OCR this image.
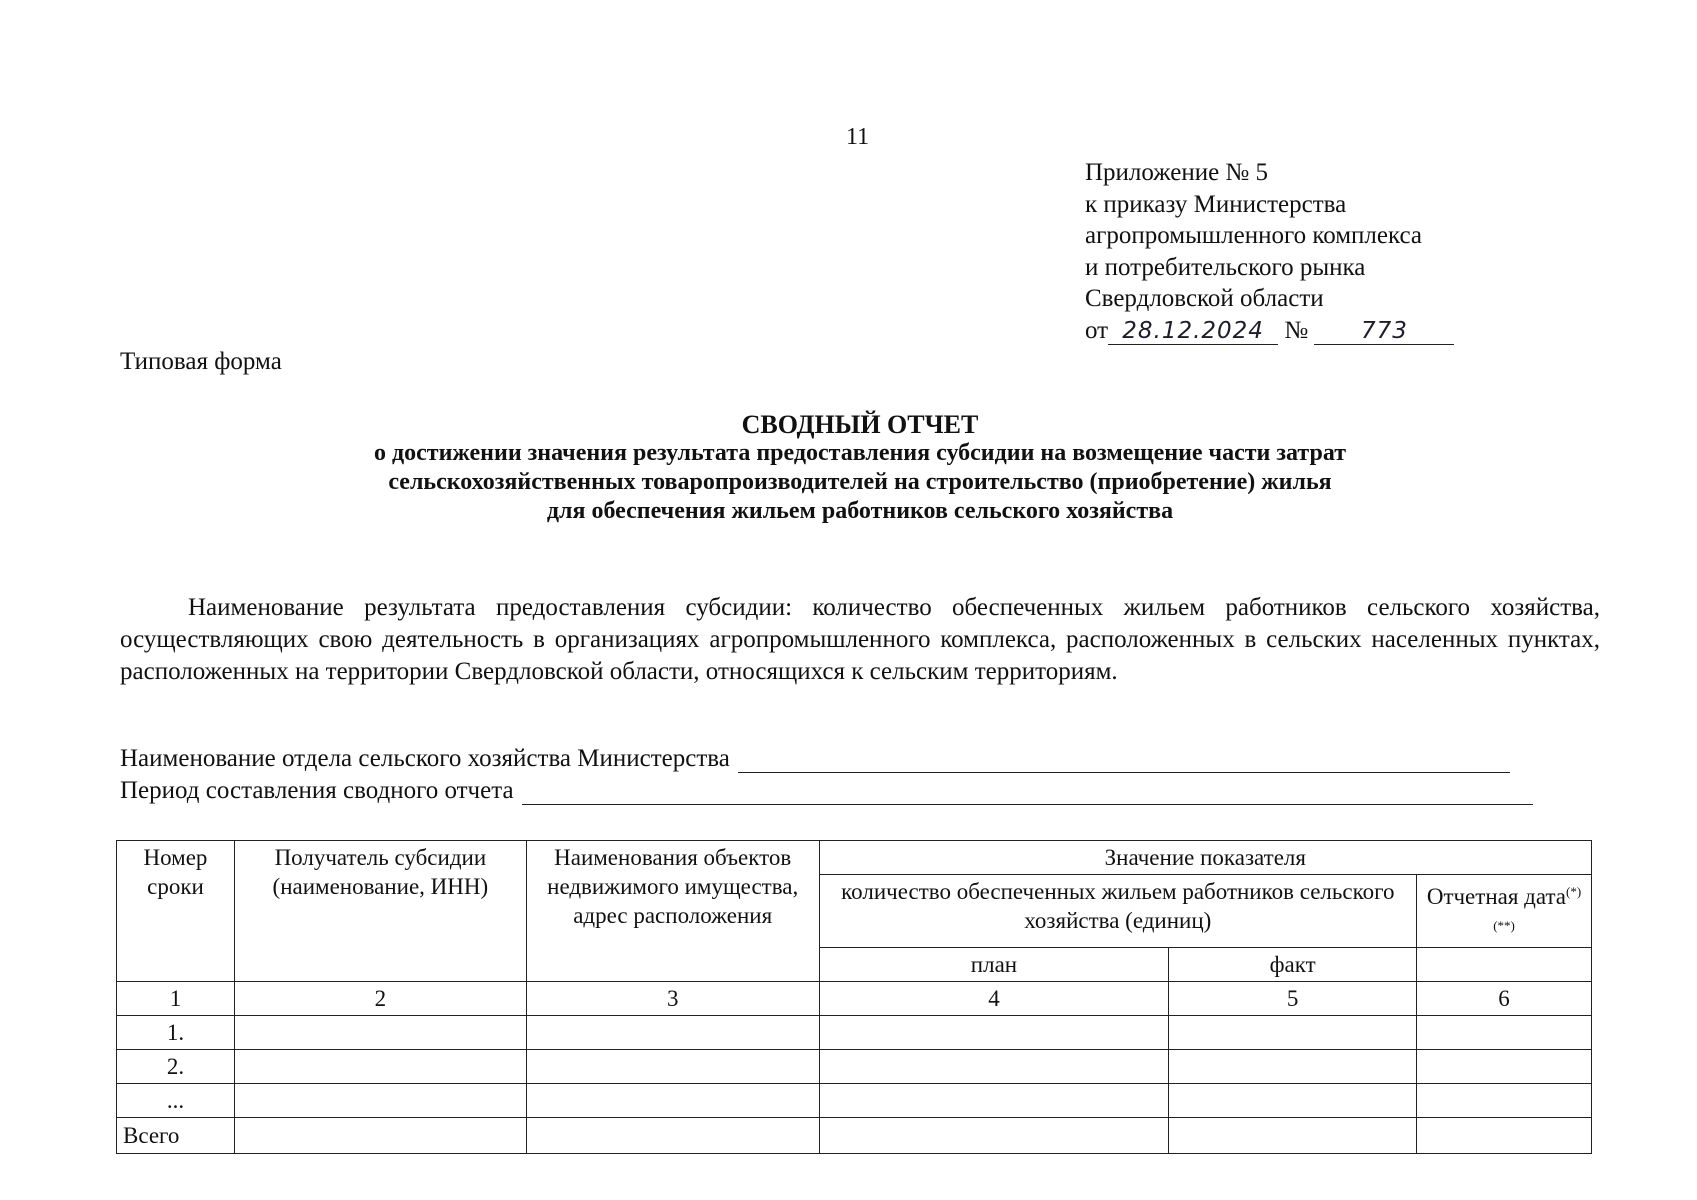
11
Приложение № 5
к приказу Министерства
агропромышленного комплекса
и потребительского рынка
Свердловской области
от 28.12.2024 № 773
Типовая форма
СВОДНЫЙ ОТЧЕТ
о достижении значения результата предоставления субсидии на возмещение части затрат
сельскохозяйственных товаропроизводителей на строительство (приобретение) жилья
для обеспечения жильем работников сельского хозяйства
Наименование результата предоставления субсидии: количество обеспеченных жильем работников сельского хозяйства, осуществляющих свою деятельность в организациях агропромышленного комплекса, расположенных в сельских населенных пунктах, расположенных на территории Свердловской области, относящихся к сельским территориям.
Наименование отдела сельского хозяйства Министерства
Период составления сводного отчета
Номер сроки	Получатель субсидии (наименование, ИНН)	Наименования объектов недвижимого имущества, адрес расположения	Значение показателя		
			количество обеспеченных жильем работников сельского хозяйства (единиц)		Отчетная дата(*) (**)
			план	факт	
1	2	3	4	5	6
1.					
2.					
...					
Всего					
